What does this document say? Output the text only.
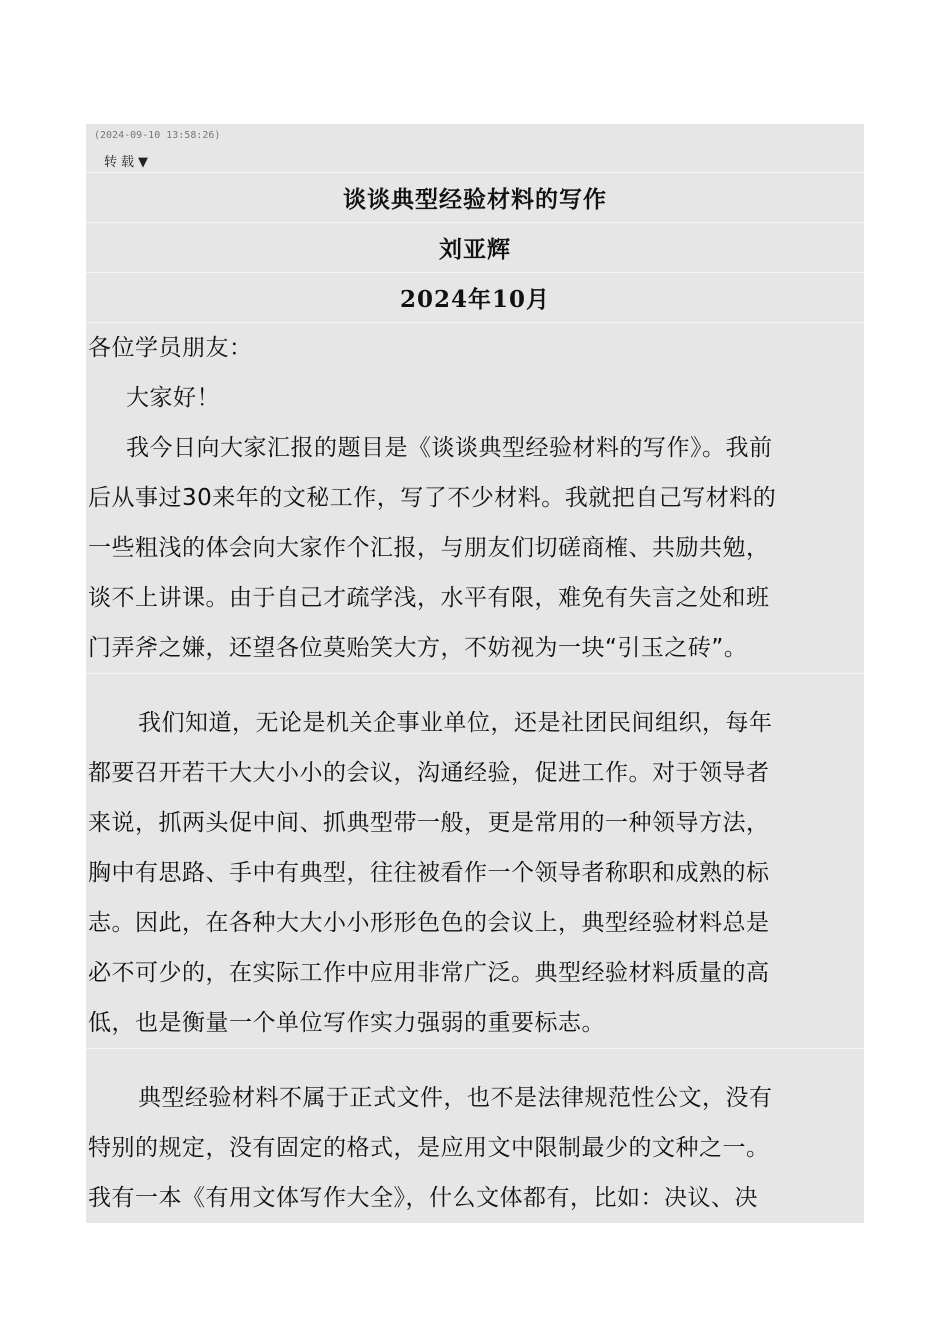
(2024-09-10 13:58:26)
转载▼
谈谈典型经验材料的写作
刘亚辉
2024年10月
各位学员朋友：
大家好！
我今日向大家汇报的题目是《谈谈典型经验材料的写作》。我前
后从事过30来年的文秘工作，写了不少材料。我就把自己写材料的
一些粗浅的体会向大家作个汇报，与朋友们切磋商榷、共励共勉，
谈不上讲课。由于自己才疏学浅，水平有限，难免有失言之处和班
门弄斧之嫌，还望各位莫贻笑大方，不妨视为一块“引玉之砖”。
我们知道，无论是机关企事业单位，还是社团民间组织，每年
都要召开若干大大小小的会议，沟通经验，促进工作。对于领导者
来说，抓两头促中间、抓典型带一般，更是常用的一种领导方法，
胸中有思路、手中有典型，往往被看作一个领导者称职和成熟的标
志。因此，在各种大大小小形形色色的会议上，典型经验材料总是
必不可少的，在实际工作中应用非常广泛。典型经验材料质量的高
低，也是衡量一个单位写作实力强弱的重要标志。
典型经验材料不属于正式文件，也不是法律规范性公文，没有
特别的规定，没有固定的格式，是应用文中限制最少的文种之一。
我有一本《有用文体写作大全》，什么文体都有，比如：决议、决
